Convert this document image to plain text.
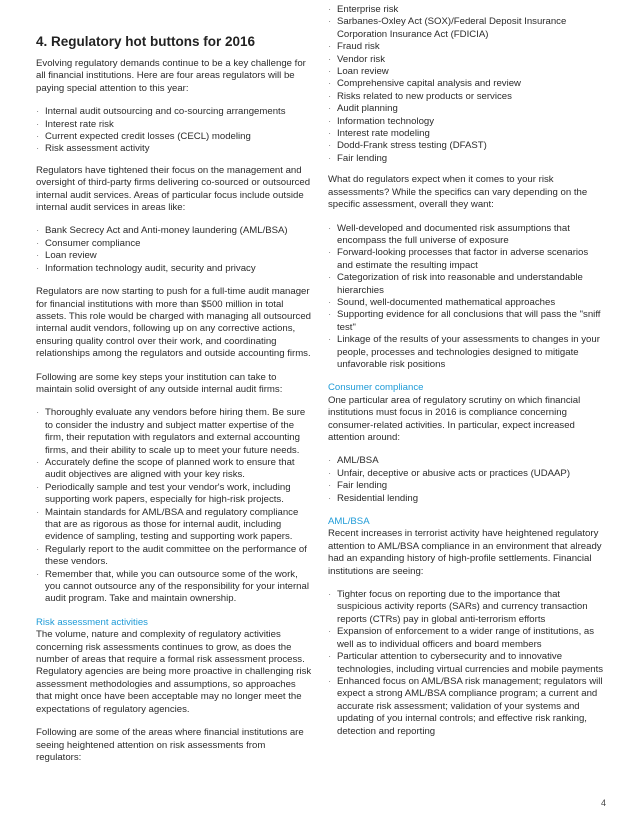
4. Regulatory hot buttons for 2016

Evolving regulatory demands continue to be a key challenge for all financial institutions. Here are four areas regulators will be paying special attention to this year:

· Internal audit outsourcing and co-sourcing arrangements
· Interest rate risk
· Current expected credit losses (CECL) modeling
· Risk assessment activity

Regulators have tightened their focus on the management and oversight of third-party firms delivering co-sourced or outsourced internal audit services. Areas of particular focus include outside internal audit services in areas like:

· Bank Secrecy Act and Anti-money laundering (AML/BSA)
· Consumer compliance
· Loan review
· Information technology audit, security and privacy

Regulators are now starting to push for a full-time audit manager for financial institutions with more than $500 million in total assets. This role would be charged with managing all outsourced internal audit vendors, following up on any corrective actions, ensuring quality control over their work, and coordinating relationships among the regulators and outside accounting firms.

Following are some key steps your institution can take to maintain solid oversight of any outside internal audit firms:

· Thoroughly evaluate any vendors before hiring them. Be sure to consider the industry and subject matter expertise of the firm, their reputation with regulators and external accounting firms, and their ability to scale up to meet your future needs.
· Accurately define the scope of planned work to ensure that audit objectives are aligned with your key risks.
· Periodically sample and test your vendor's work, including supporting work papers, especially for high-risk projects.
· Maintain standards for AML/BSA and regulatory compliance that are as rigorous as those for internal audit, including evidence of sampling, testing and supporting work papers.
· Regularly report to the audit committee on the performance of these vendors.
· Remember that, while you can outsource some of the work, you cannot outsource any of the responsibility for your internal audit program. Take and maintain ownership.
Risk assessment activities

The volume, nature and complexity of regulatory activities concerning risk assessments continues to grow, as does the number of areas that require a formal risk assessment process. Regulatory agencies are being more proactive in challenging risk assessment methodologies and assumptions, so approaches that might once have been acceptable may no longer meet the expectations of regulatory agencies.

Following are some of the areas where financial institutions are seeing heightened attention on risk assessments from regulators:

· Enterprise risk
· Sarbanes-Oxley Act (SOX)/Federal Deposit Insurance Corporation Insurance Act (FDICIA)
· Fraud risk
· Vendor risk
· Loan review
· Comprehensive capital analysis and review
· Risks related to new products or services
· Audit planning
· Information technology
· Interest rate modeling
· Dodd-Frank stress testing (DFAST)
· Fair lending

What do regulators expect when it comes to your risk assessments? While the specifics can vary depending on the specific assessment, overall they want:

· Well-developed and documented risk assumptions that encompass the full universe of exposure
· Forward-looking processes that factor in adverse scenarios and estimate the resulting impact
· Categorization of risk into reasonable and understandable hierarchies
· Sound, well-documented mathematical approaches
· Supporting evidence for all conclusions that will pass the "sniff test"
· Linkage of the results of your assessments to changes in your people, processes and technologies designed to mitigate unfavorable risk positions
Consumer compliance

One particular area of regulatory scrutiny on which financial institutions must focus in 2016 is compliance concerning consumer-related activities. In particular, expect increased attention around:

· AML/BSA
· Unfair, deceptive or abusive acts or practices (UDAAP)
· Fair lending
· Residential lending
AML/BSA

Recent increases in terrorist activity have heightened regulatory attention to AML/BSA compliance in an environment that already had an expanding history of high-profile settlements. Financial institutions are seeing:

· Tighter focus on reporting due to the importance that suspicious activity reports (SARs) and currency transaction reports (CTRs) pay in global anti-terrorism efforts
· Expansion of enforcement to a wider range of institutions, as well as to individual officers and board members
· Particular attention to cybersecurity and to innovative technologies, including virtual currencies and mobile payments
· Enhanced focus on AML/BSA risk management; regulators will expect a strong AML/BSA compliance program; a current and accurate risk assessment; validation of your systems and updating of you internal controls; and effective risk ranking, detection and reporting
4
